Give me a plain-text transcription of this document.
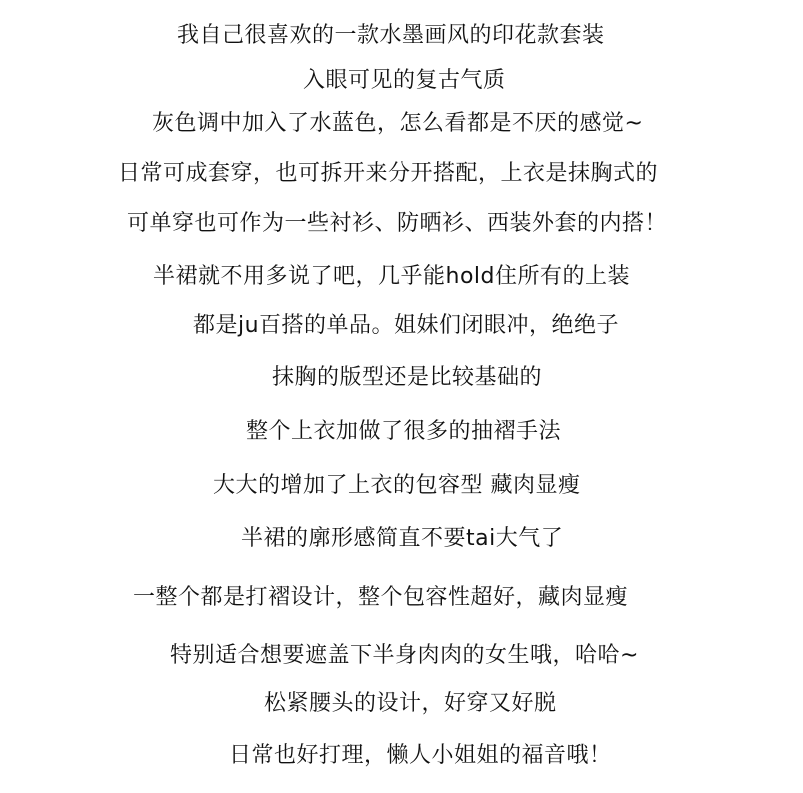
我自己很喜欢的一款水墨画风的印花款套装
入眼可见的复古气质
灰色调中加入了水蓝色，怎么看都是不厌的感觉~
日常可成套穿，也可拆开来分开搭配，上衣是抹胸式的
可单穿也可作为一些衬衫、防晒衫、西装外套的内搭！
半裙就不用多说了吧，几乎能hold住所有的上装
都是ju百搭的单品。姐妹们闭眼冲，绝绝子
抹胸的版型还是比较基础的
整个上衣加做了很多的抽褶手法
大大的增加了上衣的包容型 藏肉显瘦
半裙的廓形感简直不要tai大气了
一整个都是打褶设计，整个包容性超好，藏肉显瘦
特别适合想要遮盖下半身肉肉的女生哦，哈哈~
松紧腰头的设计，好穿又好脱
日常也好打理，懒人小姐姐的福音哦！
